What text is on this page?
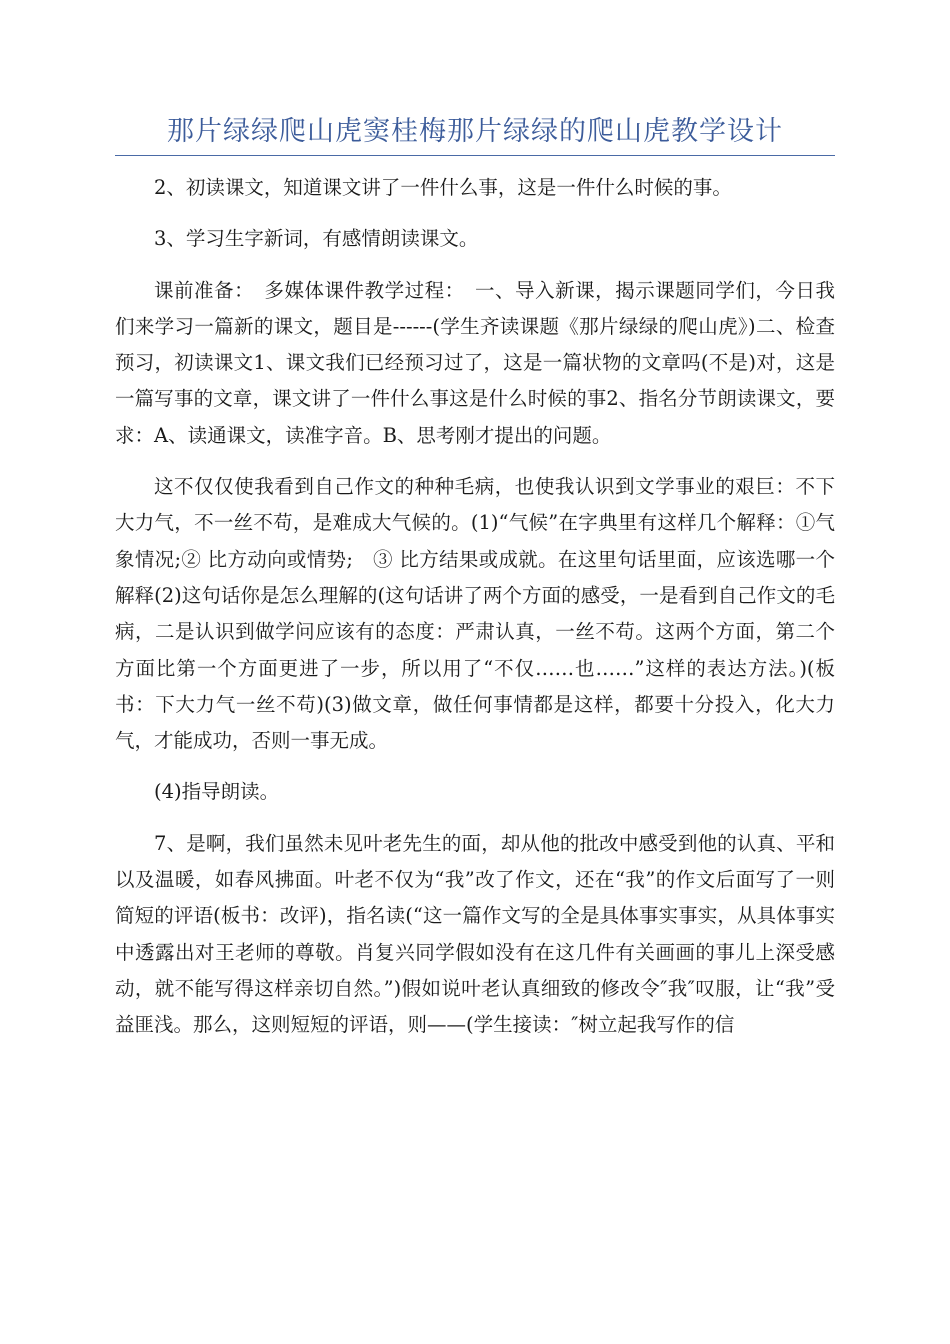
那片绿绿爬山虎窦桂梅那片绿绿的爬山虎教学设计

2、初读课文，知道课文讲了一件什么事，这是一件什么时候的事。

3、学习生字新词，有感情朗读课文。

课前准备：　多媒体课件教学过程：　一、导入新课，揭示课题同学们，今日我们来学习一篇新的课文，题目是------(学生齐读课题《那片绿绿的爬山虎》)二、检查预习，初读课文1、课文我们已经预习过了，这是一篇状物的文章吗(不是)对，这是一篇写事的文章，课文讲了一件什么事这是什么时候的事2、指名分节朗读课文，要求：A、读通课文，读准字音。B、思考刚才提出的问题。

这不仅仅使我看到自己作文的种种毛病，也使我认识到文学事业的艰巨：不下大力气，不一丝不苟，是难成大气候的。(1)“气候”在字典里有这样几个解释：①气象情况;② 比方动向或情势;　③ 比方结果或成就。在这里句话里面，应该选哪一个解释(2)这句话你是怎么理解的(这句话讲了两个方面的感受，一是看到自己作文的毛病，二是认识到做学问应该有的态度：严肃认真，一丝不苟。这两个方面，第二个方面比第一个方面更进了一步，所以用了“不仅……也……”这样的表达方法。)(板书：下大力气一丝不苟)(3)做文章，做任何事情都是这样，都要十分投入，化大力气，才能成功，否则一事无成。

(4)指导朗读。

7、是啊，我们虽然未见叶老先生的面，却从他的批改中感受到他的认真、平和以及温暖，如春风拂面。叶老不仅为“我”改了作文，还在“我”的作文后面写了一则简短的评语(板书：改评)，指名读(“这一篇作文写的全是具体事实事实，从具体事实中透露出对王老师的尊敬。肖复兴同学假如没有在这几件有关画画的事儿上深受感动，就不能写得这样亲切自然。”)假如说叶老认真细致的修改令″我″叹服，让“我”受益匪浅。那么，这则短短的评语，则——(学生接读：″树立起我写作的信
